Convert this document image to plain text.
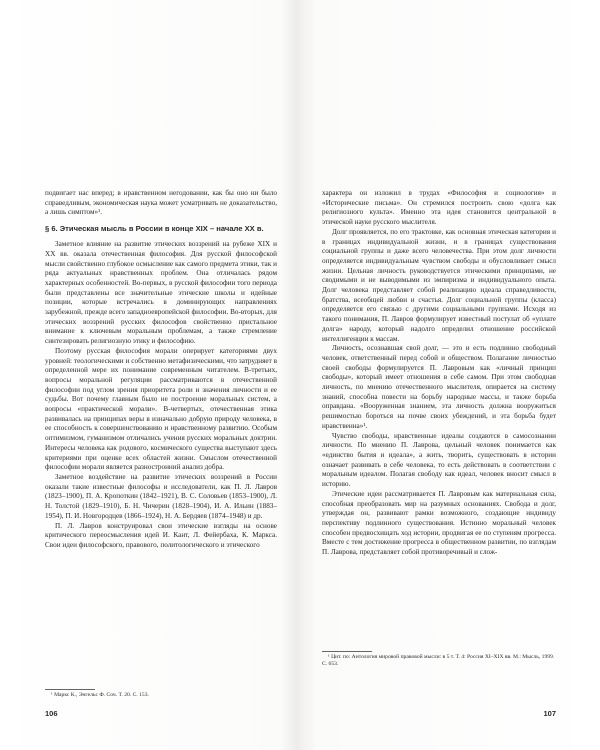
подвигает нас вперед; в нравственном негодовании, как бы оно ни было справедливым, экономическая наука может усматривать не доказательство, а лишь симптом»¹.

§ 6. Этическая мысль в России в конце XIX – начале XX в.

Заметное влияние на развитие этических воззрений на рубеже XIX и XX вв. оказала отечественная философия. Для русской философской мысли свойственно глубокое осмысление как самого предмета этики, так и ряда актуальных нравственных проблем. Она отличалась рядом характерных особенностей. Во-первых, в русской философии того периода были представлены все значительные этические школы и идейные позиции, которые встречались в доминирующих направлениях зарубежной, прежде всего западноевропейской философии. Во-вторых, для этических воззрений русских философов свойственно пристальное внимание к ключевым моральным проблемам, а также стремление синтезировать религиозную этику и философию.

Поэтому русская философия морали оперирует категориями двух уровней: теологическими и собственно метафизическими, что затрудняет в определенной мере их понимание современным читателем. В-третьих, вопросы моральной регуляции рассматриваются в отечественной философии под углом зрения приоритета роли и значения личности и ее судьбы. Вот почему главным было не построение моральных систем, а вопросы «практической морали». В-четвертых, отечественная этика развивалась на принципах веры в изначально добрую природу человека, в ее способность к совершенствованию и нравственному развитию. Особым оптимизмом, гуманизмом отличались учения русских моральных доктрин. Интересы человека как родового, космического существа выступают здесь критериями при оценке всех областей жизни. Смыслом отечественной философии морали является разностронний анализ добра.

Заметное воздействие на развитие этических воззрений в России оказали такие известные философы и исследователи, как П. Л. Лавров (1823–1900), П. А. Кропоткин (1842–1921), В. С. Соловьев (1853–1900), Л. Н. Толстой (1829–1910), Б. Н. Чичерин (1828–1904), И. А. Ильин (1883–1954), П. И. Новгородцев (1866–1924), Н. А. Бердяев (1874–1948) и др.

П. Л. Лавров конструировал свои этические взгляды на основе критического переосмысления идей И. Кант, Л. Фейербаха, К. Маркса. Свои идеи философского, правового, политологического и этического

¹ Маркс К., Энгельс Ф. Соч. Т. 20. С. 153.
106

характера он изложил в трудах «Философия и социология» и «Исторические письма». Он стремился построить свою «долга как религиозного культа». Именно эта идея становится центральной в этической науке русского мыслителя.

Долг проявляется, по его трактовке, как основная этическая категория и в границах индивидуальной жизни, и в границах существования социальной группы и даже всего человечества. При этом долг личности определяется индивидуальным чувством свободы и обусловливает смысл жизни. Цельная личность руководствуется этическими принципами, не сводимыми и не выводимыми из эмпиризма и индивидуального опыта. Долг человека представляет собой реализацию идеала справедливости, братства, всеобщей любви и счастья. Долг социальной группы (класса) определяется его связью с другими социальными группами. Исходя из такого понимания, П. Лавров формулирует известный постулат об «уплате долга» народу, который надолго определил отношение российской интеллигенции к массам.

Личность, осознавшая свой долг, — это и есть подлинно свободный человек, ответственный перед собой и обществом. Полагание личностью своей свободы формулируется П. Лавровым как «личный принцип свободы», который имеет отношения в себе самом. При этом свободная личность, по мнению отечественного мыслителя, опирается на систему знаний, способна повести на борьбу народные массы, и также борьба оправдана. «Вооруженная знанием, эта личность должна вооружиться решимостью бороться на почве своих убеждений, и эта борьба будет нравственна»¹.

Чувство свободы, нравственные идеалы создаются в самосознании личности. По мнению П. Лаврова, цельный человек понимается как «единство бытия и идеала», а жить, творить, существовать в истории означает развивать в себе человека, то есть действовать в соответствии с моральным идеалом. Полагая свободу как идеал, человек вносит смысл в историю.

Этические идеи рассматривается П. Лавровым как материальная сила, способная преобразовать мир на разумных основаниях. Свобода и долг, утверждая он, развивают рамки возможного, создающие индивиду перспективу подлинного существования. Истинно моральный человек способен предвосхищать ход истории, продвигая ее по ступеням прогресса. Вместе с тем достижение прогресса в общественном развитии, по взглядам П. Лаврова, представляет собой противоречивый и слож-

¹ Цит. по: Антология мировой правовой мысли: в 5 т. Т. 4: Россия XI–XIX вв. М.: Мысль, 1999. С. 653.
107
